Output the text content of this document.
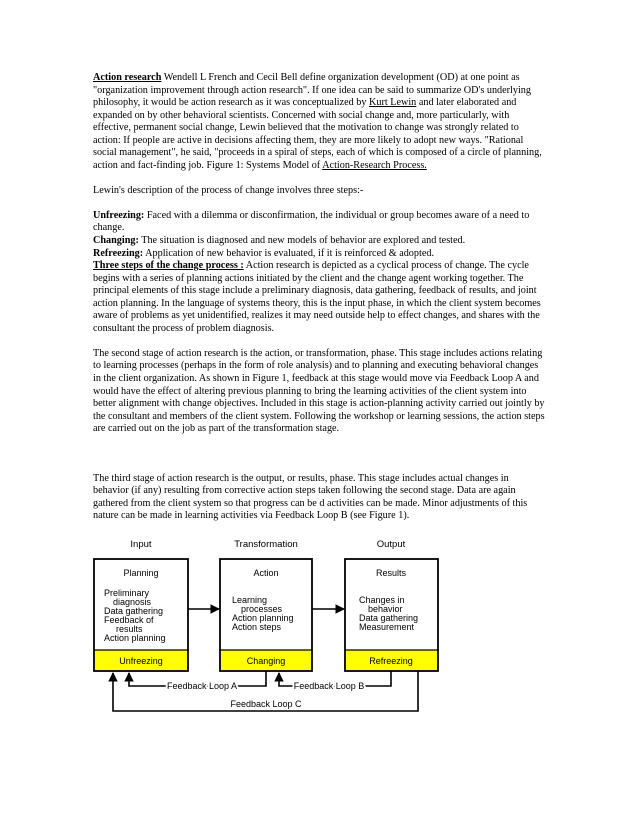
Action research Wendell L French and Cecil Bell define organization development (OD) at one point as "organization improvement through action research". If one idea can be said to summarize OD's underlying philosophy, it would be action research as it was conceptualized by Kurt Lewin and later elaborated and expanded on by other behavioral scientists. Concerned with social change and, more particularly, with effective, permanent social change, Lewin believed that the motivation to change was strongly related to action: If people are active in decisions affecting them, they are more likely to adopt new ways. "Rational social management", he said, "proceeds in a spiral of steps, each of which is composed of a circle of planning, action and fact-finding job. Figure 1: Systems Model of Action-Research Process.

Lewin's description of the process of change involves three steps:-

Unfreezing: Faced with a dilemma or disconfirmation, the individual or group becomes aware of a need to change.

Changing: The situation is diagnosed and new models of behavior are explored and tested.

Refreezing: Application of new behavior is evaluated, if it is reinforced & adopted.

Three steps of the change process : Action research is depicted as a cyclical process of change. The cycle begins with a series of planning actions initiated by the client and the change agent working together. The principal elements of this stage include a preliminary diagnosis, data gathering, feedback of results, and joint action planning. In the language of systems theory, this is the input phase, in which the client system becomes aware of problems as yet unidentified, realizes it may need outside help to effect changes, and shares with the consultant the process of problem diagnosis.

The second stage of action research is the action, or transformation, phase. This stage includes actions relating to learning processes (perhaps in the form of role analysis) and to planning and executing behavioral changes in the client organization. As shown in Figure 1, feedback at this stage would move via Feedback Loop A and would have the effect of altering previous planning to bring the learning activities of the client system into better alignment with change objectives. Included in this stage is action-planning activity carried out jointly by the consultant and members of the client system. Following the workshop or learning sessions, the action steps are carried out on the job as part of the transformation stage.

The third stage of action research is the output, or results, phase. This stage includes actual changes in behavior (if any) resulting from corrective action steps taken following the second stage. Data are again gathered from the client system so that progress can be d activities can be made. Minor adjustments of this nature can be made in learning activities via Feedback Loop B (see Figure 1).

Input	Transformation	Output
Planning
Preliminary
diagnosis
Data gathering
Feedback of
results
Action planning
Unfreezing
Action
Learning
processes
Action planning
Action steps
Changing
Results
Changes in
behavior
Data gathering
Measurement
Refreezing
Feedback Loop A	Feedback Loop B
Feedback Loop C
